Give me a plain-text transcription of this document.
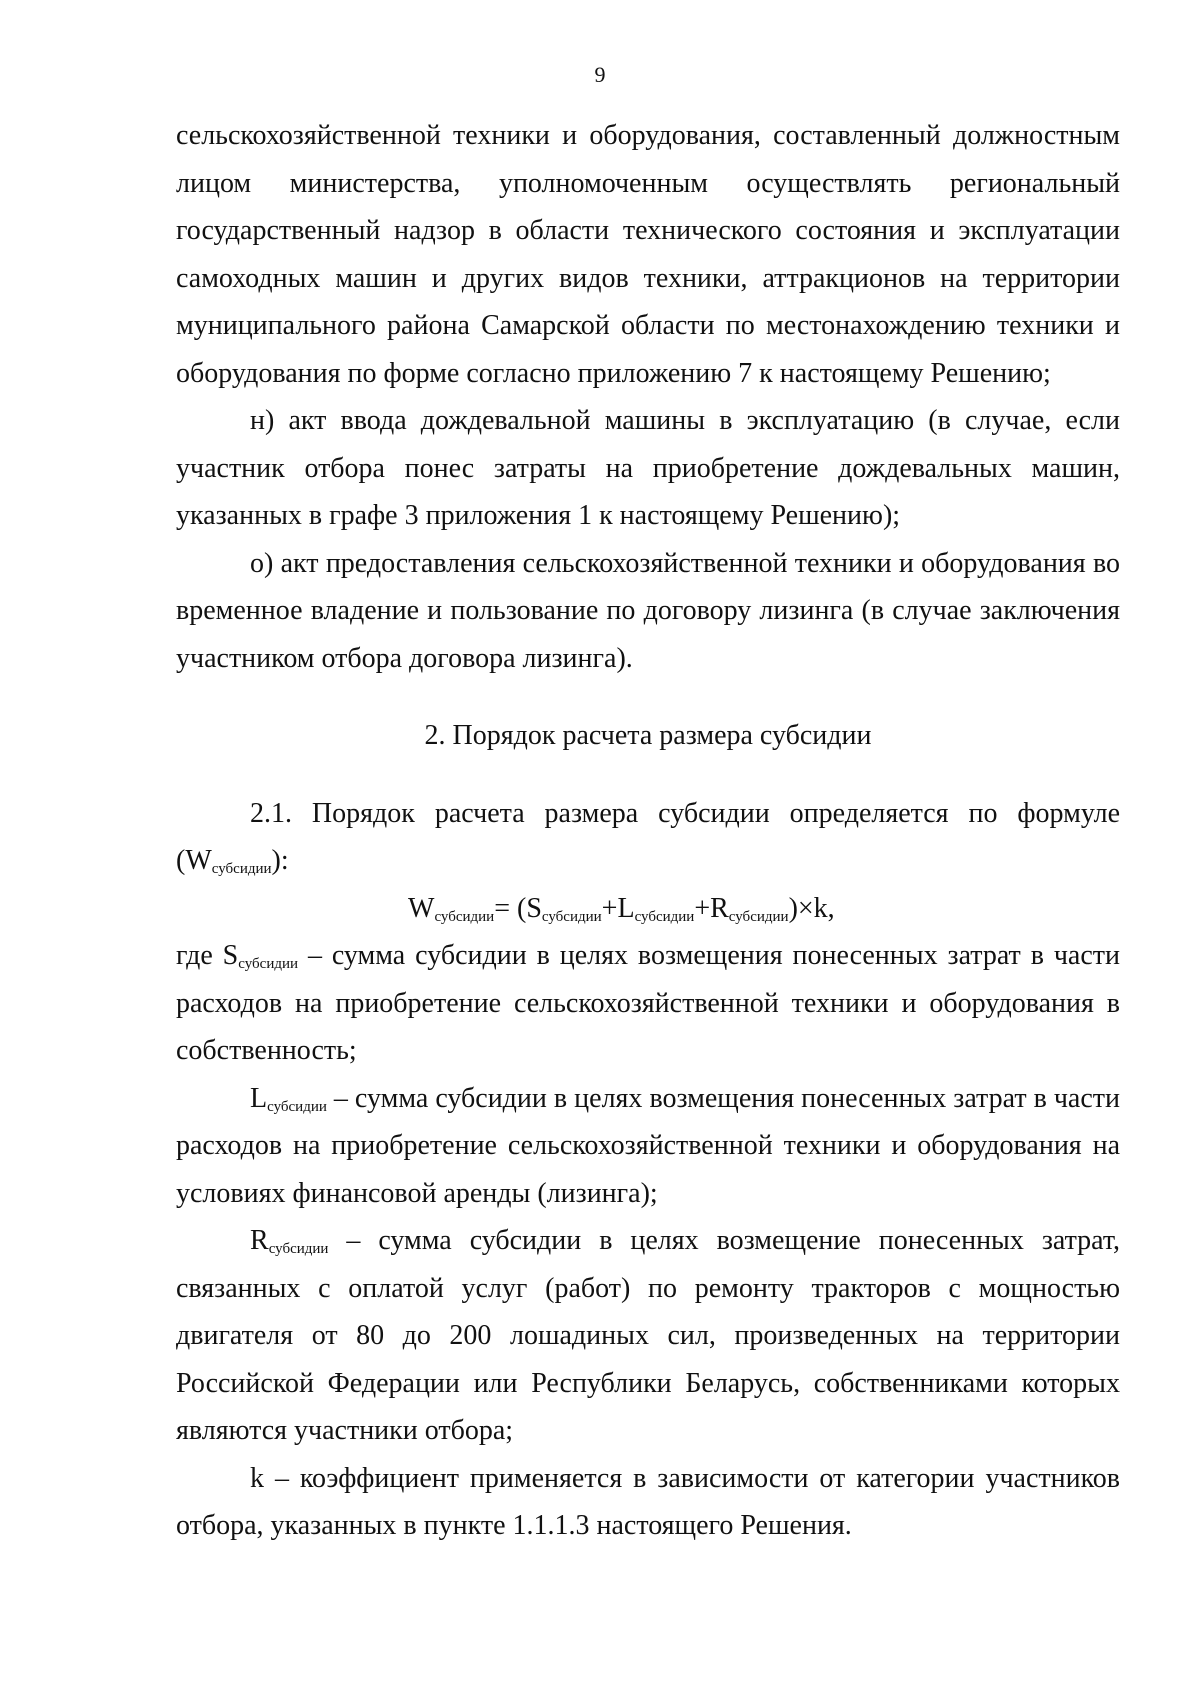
9

сельскохозяйственной техники и оборудования, составленный должностным лицом министерства, уполномоченным осуществлять региональный государственный надзор в области технического состояния и эксплуатации самоходных машин и других видов техники, аттракционов на территории муниципального района Самарской области по местонахождению техники и оборудования по форме согласно приложению 7 к настоящему Решению;

н) акт ввода дождевальной машины в эксплуатацию (в случае, если участник отбора понес затраты на приобретение дождевальных машин, указанных в графе 3 приложения 1 к настоящему Решению);

о) акт предоставления сельскохозяйственной техники и оборудования во временное владение и пользование по договору лизинга (в случае заключения участником отбора договора лизинга).

2. Порядок расчета размера субсидии

2.1. Порядок расчета размера субсидии определяется по формуле

$(W_{субсидии})$:

$W_{субсидии}= (S_{субсидии}+L_{субсидии}+R_{субсидии})\times k$,

где $S_{субсидии}$ – сумма субсидии в целях возмещения понесенных затрат в части расходов на приобретение сельскохозяйственной техники и оборудования в собственность;

$L_{субсидии}$ – сумма субсидии в целях возмещения понесенных затрат в части расходов на приобретение сельскохозяйственной техники и оборудования на условиях финансовой аренды (лизинга);

$R_{субсидии}$ – сумма субсидии в целях возмещение понесенных затрат, связанных с оплатой услуг (работ) по ремонту тракторов с мощностью двигателя от 80 до 200 лошадиных сил, произведенных на территории Российской Федерации или Республики Беларусь, собственниками которых являются участники отбора;

k – коэффициент применяется в зависимости от категории участников отбора, указанных в пункте 1.1.1.3 настоящего Решения.
